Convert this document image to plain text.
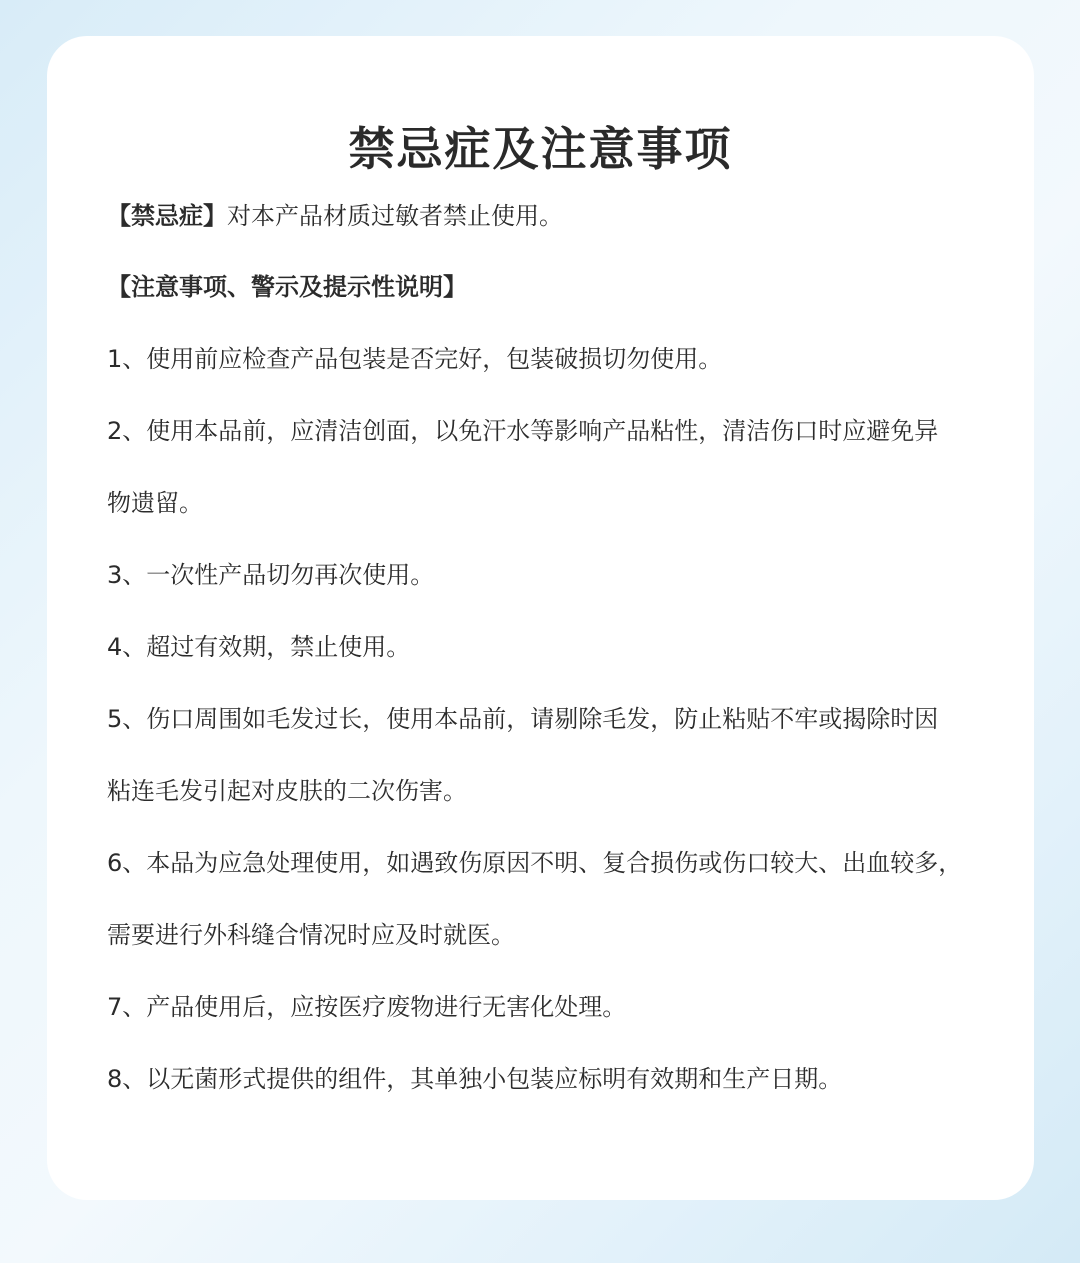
禁忌症及注意事项

【禁忌症】对本产品材质过敏者禁止使用。

【注意事项、警示及提示性说明】

1、使用前应检查产品包装是否完好，包装破损切勿使用。

2、使用本品前，应清洁创面，以免汗水等影响产品粘性，清洁伤口时应避免异

物遗留。

3、一次性产品切勿再次使用。

4、超过有效期，禁止使用。

5、伤口周围如毛发过长，使用本品前，请剔除毛发，防止粘贴不牢或揭除时因

粘连毛发引起对皮肤的二次伤害。

6、本品为应急处理使用，如遇致伤原因不明、复合损伤或伤口较大、出血较多，

需要进行外科缝合情况时应及时就医。

7、产品使用后，应按医疗废物进行无害化处理。

8、以无菌形式提供的组件，其单独小包装应标明有效期和生产日期。
